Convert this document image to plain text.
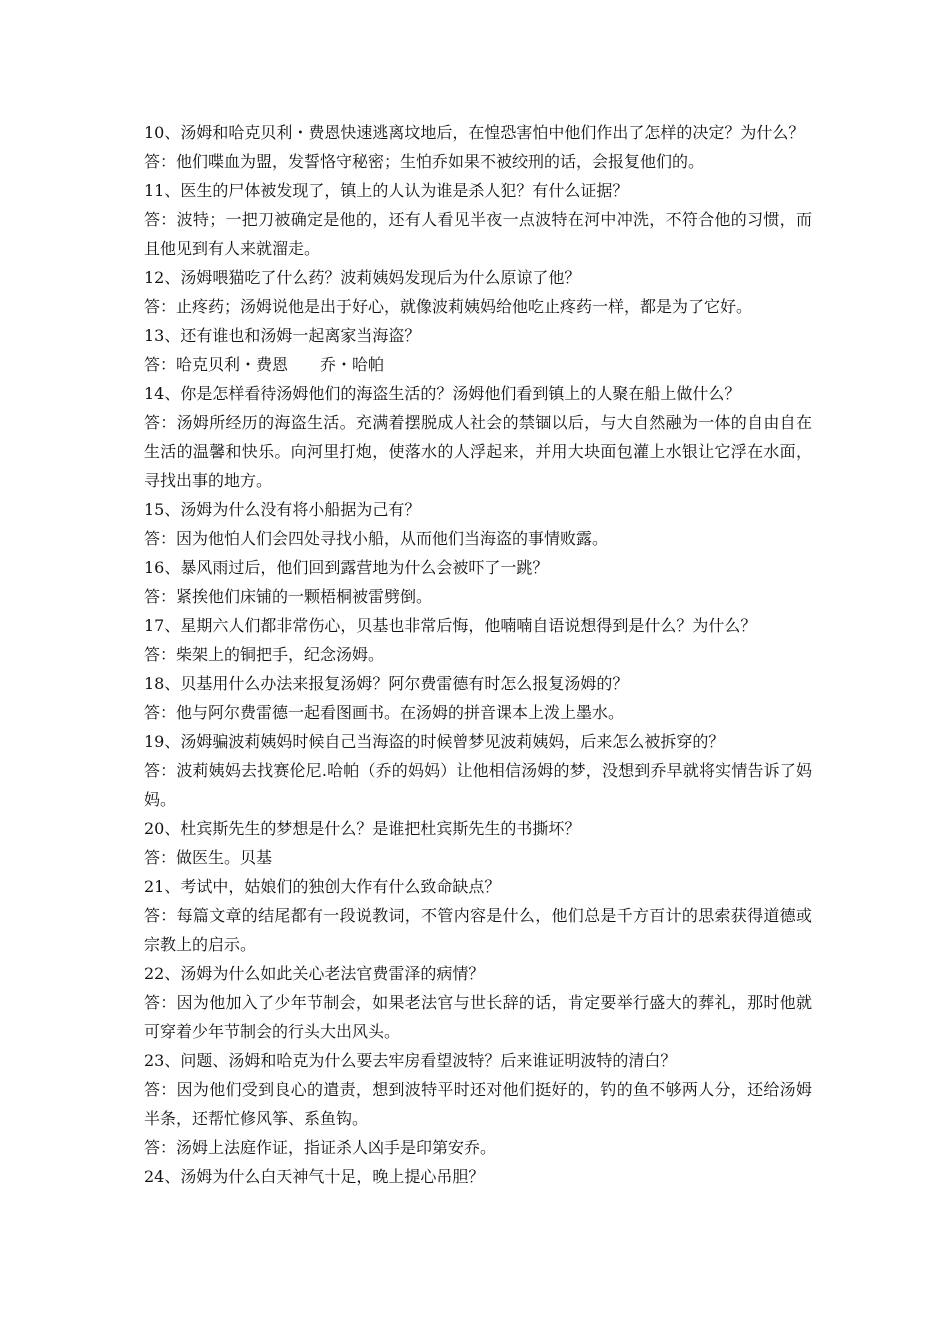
10、汤姆和哈克贝利・费恩快速逃离坟地后，在惶恐害怕中他们作出了怎样的决定？为什么？

答：他们喋血为盟，发誓恪守秘密；生怕乔如果不被绞刑的话，会报复他们的。

11、医生的尸体被发现了，镇上的人认为谁是杀人犯？有什么证据？

答：波特；一把刀被确定是他的，还有人看见半夜一点波特在河中冲洗，不符合他的习惯，而且他见到有人来就溜走。

12、汤姆喂猫吃了什么药？波莉姨妈发现后为什么原谅了他？

答：止疼药；汤姆说他是出于好心，就像波莉姨妈给他吃止疼药一样，都是为了它好。

13、还有谁也和汤姆一起离家当海盗？

答：哈克贝利・费恩　　乔・哈帕

14、你是怎样看待汤姆他们的海盗生活的？汤姆他们看到镇上的人聚在船上做什么？

答：汤姆所经历的海盗生活。充满着摆脱成人社会的禁锢以后，与大自然融为一体的自由自在生活的温馨和快乐。向河里打炮，使落水的人浮起来，并用大块面包灌上水银让它浮在水面，寻找出事的地方。

15、汤姆为什么没有将小船据为己有？

答：因为他怕人们会四处寻找小船，从而他们当海盗的事情败露。

16、暴风雨过后，他们回到露营地为什么会被吓了一跳？

答：紧挨他们床铺的一颗梧桐被雷劈倒。

17、星期六人们都非常伤心，贝基也非常后悔，他喃喃自语说想得到是什么？为什么？

答：柴架上的铜把手，纪念汤姆。

18、贝基用什么办法来报复汤姆？阿尔费雷德有时怎么报复汤姆的？

答：他与阿尔费雷德一起看图画书。在汤姆的拼音课本上泼上墨水。

19、汤姆骗波莉姨妈时候自己当海盗的时候曾梦见波莉姨妈，后来怎么被拆穿的？

答：波莉姨妈去找赛伦尼.哈帕（乔的妈妈）让他相信汤姆的梦，没想到乔早就将实情告诉了妈妈。

20、杜宾斯先生的梦想是什么？是谁把杜宾斯先生的书撕坏？

答：做医生。贝基

21、考试中，姑娘们的独创大作有什么致命缺点？

答：每篇文章的结尾都有一段说教词，不管内容是什么，他们总是千方百计的思索获得道德或宗教上的启示。

22、汤姆为什么如此关心老法官费雷泽的病情？

答：因为他加入了少年节制会，如果老法官与世长辞的话，肯定要举行盛大的葬礼，那时他就可穿着少年节制会的行头大出风头。

23、问题、汤姆和哈克为什么要去牢房看望波特？后来谁证明波特的清白？

答：因为他们受到良心的遣责，想到波特平时还对他们挺好的，钓的鱼不够两人分，还给汤姆半条，还帮忙修风筝、系鱼钩。

答：汤姆上法庭作证，指证杀人凶手是印第安乔。

24、汤姆为什么白天神气十足，晚上提心吊胆？
